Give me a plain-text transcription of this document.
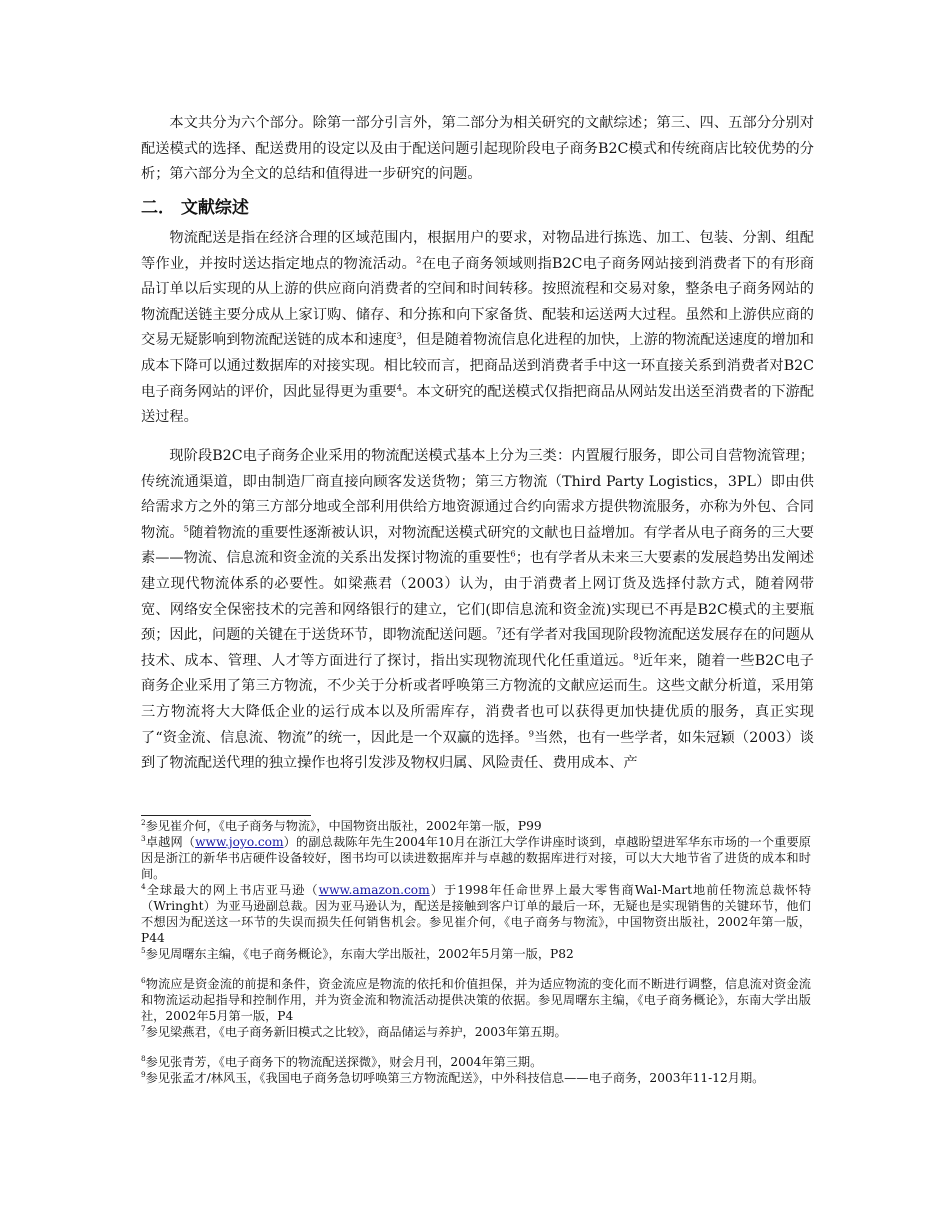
本文共分为六个部分。除第一部分引言外，第二部分为相关研究的文献综述；第三、四、五部分分别对配送模式的选择、配送费用的设定以及由于配送问题引起现阶段电子商务B2C模式和传统商店比较优势的分析；第六部分为全文的总结和值得进一步研究的问题。

二． 文献综述

物流配送是指在经济合理的区域范围内，根据用户的要求，对物品进行拣选、加工、包装、分割、组配等作业，并按时送达指定地点的物流活动。$^2$在电子商务领域则指B2C电子商务网站接到消费者下的有形商品订单以后实现的从上游的供应商向消费者的空间和时间转移。按照流程和交易对象，整条电子商务网站的物流配送链主要分成从上家订购、储存、和分拣和向下家备货、配装和运送两大过程。虽然和上游供应商的交易无疑影响到物流配送链的成本和速度$^3$，但是随着物流信息化进程的加快，上游的物流配送速度的增加和成本下降可以通过数据库的对接实现。相比较而言，把商品送到消费者手中这一环直接关系到消费者对B2C电子商务网站的评价，因此显得更为重要$^4$。本文研究的配送模式仅指把商品从网站发出送至消费者的下游配送过程。

现阶段B2C电子商务企业采用的物流配送模式基本上分为三类：内置履行服务，即公司自营物流管理；传统流通渠道，即由制造厂商直接向顾客发送货物；第三方物流（Third Party Logistics，3PL）即由供给需求方之外的第三方部分地或全部利用供给方地资源通过合约向需求方提供物流服务，亦称为外包、合同物流。$^5$随着物流的重要性逐渐被认识，对物流配送模式研究的文献也日益增加。有学者从电子商务的三大要素——物流、信息流和资金流的关系出发探讨物流的重要性$^6$；也有学者从未来三大要素的发展趋势出发阐述建立现代物流体系的必要性。如梁燕君（2003）认为，由于消费者上网订货及选择付款方式，随着网带宽、网络安全保密技术的完善和网络银行的建立，它们(即信息流和资金流)实现已不再是B2C模式的主要瓶颈；因此，问题的关键在于送货环节，即物流配送问题。$^7$还有学者对我国现阶段物流配送发展存在的问题从技术、成本、管理、人才等方面进行了探讨，指出实现物流现代化任重道远。$^8$近年来，随着一些B2C电子商务企业采用了第三方物流，不少关于分析或者呼唤第三方物流的文献应运而生。这些文献分析道，采用第三方物流将大大降低企业的运行成本以及所需库存，消费者也可以获得更加快捷优质的服务，真正实现了“资金流、信息流、物流”的统一，因此是一个双赢的选择。$^9$当然，也有一些学者，如朱冠颖（2003）谈到了物流配送代理的独立操作也将引发涉及物权归属、风险责任、费用成本、产

$^2$参见崔介何，《电子商务与物流》，中国物资出版社，2002年第一版，P99

$^3$卓越网（www.joyo.com）的副总裁陈年先生2004年10月在浙江大学作讲座时谈到，卓越盼望进军华东市场的一个重要原因是浙江的新华书店硬件设备较好，图书均可以读进数据库并与卓越的数据库进行对接，可以大大地节省了进货的成本和时间。

$^4$全球最大的网上书店亚马逊（www.amazon.com）于1998年任命世界上最大零售商Wal-Mart地前任物流总裁怀特（Wringht）为亚马逊副总裁。因为亚马逊认为，配送是接触到客户订单的最后一环，无疑也是实现销售的关键环节，他们不想因为配送这一环节的失误而损失任何销售机会。参见崔介何，《电子商务与物流》，中国物资出版社，2002年第一版，P44

$^5$参见周曙东主编，《电子商务概论》，东南大学出版社，2002年5月第一版，P82

$^6$物流应是资金流的前提和条件，资金流应是物流的依托和价值担保，并为适应物流的变化而不断进行调整，信息流对资金流和物流运动起指导和控制作用，并为资金流和物流活动提供决策的依据。参见周曙东主编，《电子商务概论》，东南大学出版社，2002年5月第一版，P4

$^7$参见梁燕君，《电子商务新旧模式之比较》，商品储运与养护，2003年第五期。

$^8$参见张青芳，《电子商务下的物流配送探微》，财会月刊，2004年第三期。

$^9$参见张孟才/林风玉，《我国电子商务急切呼唤第三方物流配送》，中外科技信息——电子商务，2003年11-12月期。
